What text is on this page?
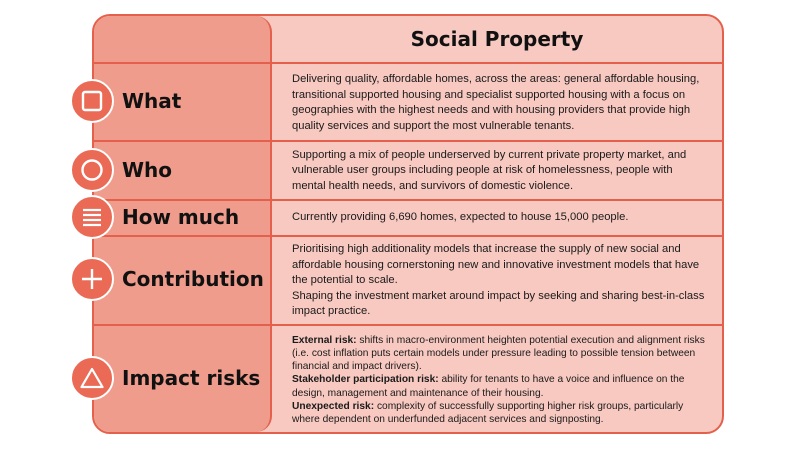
Social Property
Delivering quality, affordable homes, across the areas: general affordable housing, transitional supported housing and specialist supported housing with a focus on geographies with the highest needs and with housing providers that provide high quality services and support the most vulnerable tenants.
Supporting a mix of people underserved by current private property market, and vulnerable user groups including people at risk of homelessness, people with mental health needs, and survivors of domestic violence.
Currently providing 6,690 homes, expected to house 15,000 people.
Prioritising high additionality models that increase the supply of new social and affordable housing cornerstoning new and innovative investment models that have the potential to scale.
Shaping the investment market around impact by seeking and sharing best-in-class impact practice.
External risk: shifts in macro-environment heighten potential execution and alignment risks (i.e. cost inflation puts certain models under pressure leading to possible tension between financial and impact drivers).
Stakeholder participation risk: ability for tenants to have a voice and influence on the design, management and maintenance of their housing.
Unexpected risk: complexity of successfully supporting higher risk groups, particularly where dependent on underfunded adjacent services and signposting.
What
Who
How much
Contribution
Impact risks
